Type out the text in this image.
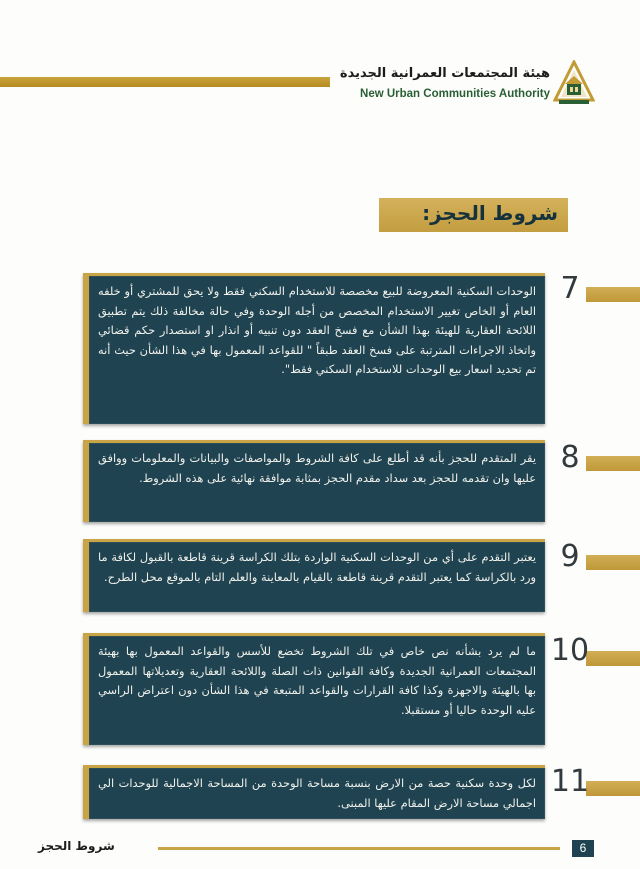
هيئة المجتمعات العمرانية الجديدة
New Urban Communities Authority
شروط الحجز:
7

الوحدات السكنية المعروضة للبيع مخصصة للاستخدام السكني فقط ولا يحق للمشتري أو خلفه العام أو الخاص تغيير الاستخدام المخصص من أجله الوحدة وفي حالة مخالفة ذلك يتم تطبيق اللائحة العقارية للهيئة بهذا الشأن مع فسخ العقد دون تنبيه أو انذار او استصدار حكم قضائي واتخاذ الاجراءات المترتبة على فسخ العقد طبقاً " للقواعد المعمول بها في هذا الشأن حيث أنه تم تحديد اسعار بيع الوحدات للاستخدام السكني فقط".

8

يقر المتقدم للحجز بأنه قد أطلع على كافة الشروط والمواصفات والبيانات والمعلومات ووافق عليها وان تقدمه للحجز بعد سداد مقدم الحجز بمثابة موافقة نهائية على هذه الشروط.

9

يعتبر التقدم على أي من الوحدات السكنية الواردة بتلك الكراسة قرينة قاطعة بالقبول لكافة ما ورد بالكراسة كما يعتبر التقدم قرينة قاطعة بالقيام بالمعاينة والعلم التام بالموقع محل الطرح.

10

ما لم يرد بشأنه نص خاص في تلك الشروط تخضع للأسس والقواعد المعمول بها بهيئة المجتمعات العمرانية الجديدة وكافة القوانين ذات الصلة واللائحة العقارية وتعديلاتها المعمول بها بالهيئة والاجهزة وكذا كافة القرارات والقواعد المتبعة في هذا الشأن دون اعتراض الراسي عليه الوحدة حاليا أو مستقبلا.

11

لكل وحدة سكنية حصة من الارض بنسبة مساحة الوحدة من المساحة الاجمالية للوحدات الي اجمالي مساحة الارض المقام عليها المبنى.

شروط الحجز	6
